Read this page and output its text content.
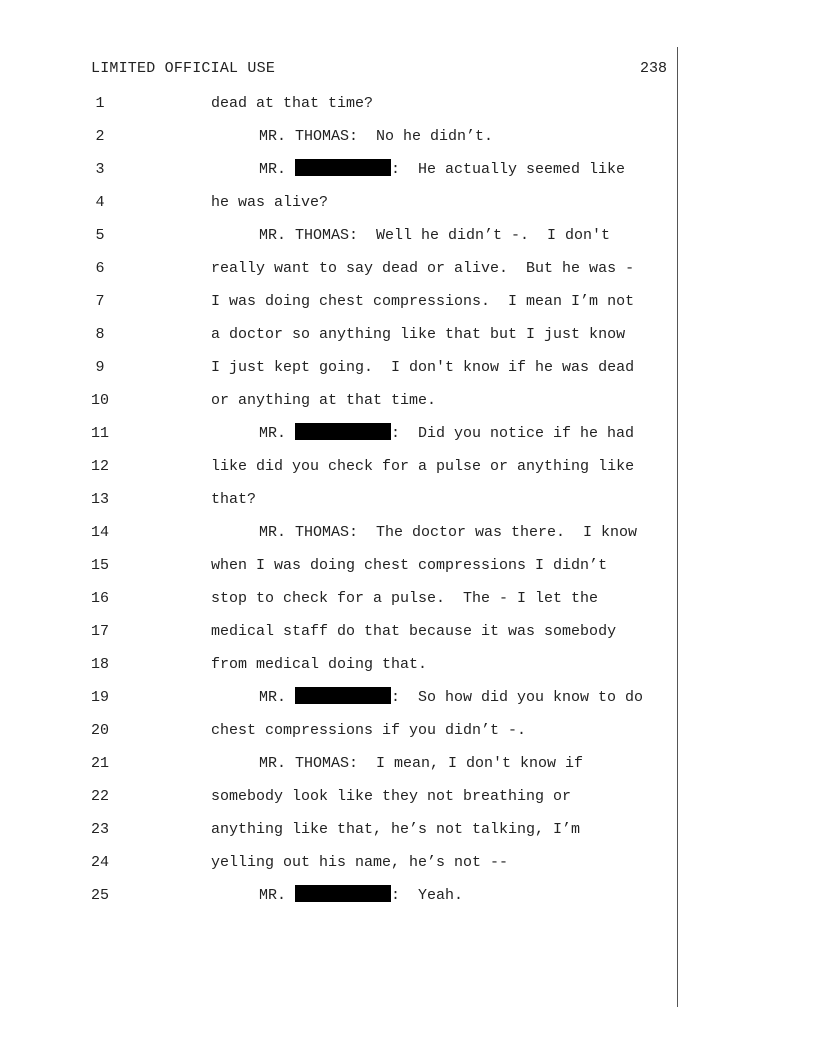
LIMITED OFFICIAL USE	238
1	dead at that time?
2	MR. THOMAS:  No he didn’t.
3	MR.	:  He actually seemed like
4	he was alive?
5	MR. THOMAS:  Well he didn’t -.  I don't
6	really want to say dead or alive.  But he was -
7	I was doing chest compressions.  I mean I’m not
8	a doctor so anything like that but I just know
9	I just kept going.  I don't know if he was dead
10	or anything at that time.
11	MR.	:  Did you notice if he had
12	like did you check for a pulse or anything like
13	that?
14	MR. THOMAS:  The doctor was there.  I know
15	when I was doing chest compressions I didn’t
16	stop to check for a pulse.  The - I let the
17	medical staff do that because it was somebody
18	from medical doing that.
19	MR.	:  So how did you know to do
20	chest compressions if you didn’t -.
21	MR. THOMAS:  I mean, I don't know if
22	somebody look like they not breathing or
23	anything like that, he’s not talking, I’m
24	yelling out his name, he’s not --
25	MR.	:  Yeah.
